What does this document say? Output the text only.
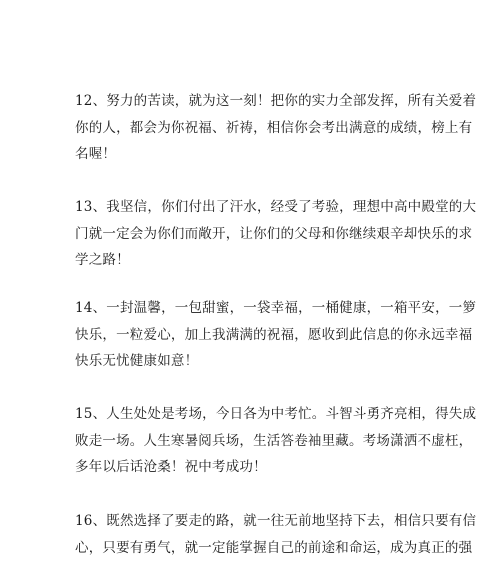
12、努力的苦读，就为这一刻！把你的实力全部发挥，所有关爱着
你的人，都会为你祝福、祈祷，相信你会考出满意的成绩，榜上有
名喔！

13、我坚信，你们付出了汗水，经受了考验，理想中高中殿堂的大
门就一定会为你们而敞开，让你们的父母和你继续艰辛却快乐的求
学之路！

14、一封温馨，一包甜蜜，一袋幸福，一桶健康，一箱平安，一箩
快乐，一粒爱心，加上我满满的祝福，愿收到此信息的你永远幸福
快乐无忧健康如意！

15、人生处处是考场，今日各为中考忙。斗智斗勇齐亮相，得失成
败走一场。人生寒暑阅兵场，生活答卷袖里藏。考场潇洒不虚枉，
多年以后话沧桑！祝中考成功！

16、既然选择了要走的路，就一往无前地坚持下去，相信只要有信
心，只要有勇气，就一定能掌握自己的前途和命运，成为真正的强
